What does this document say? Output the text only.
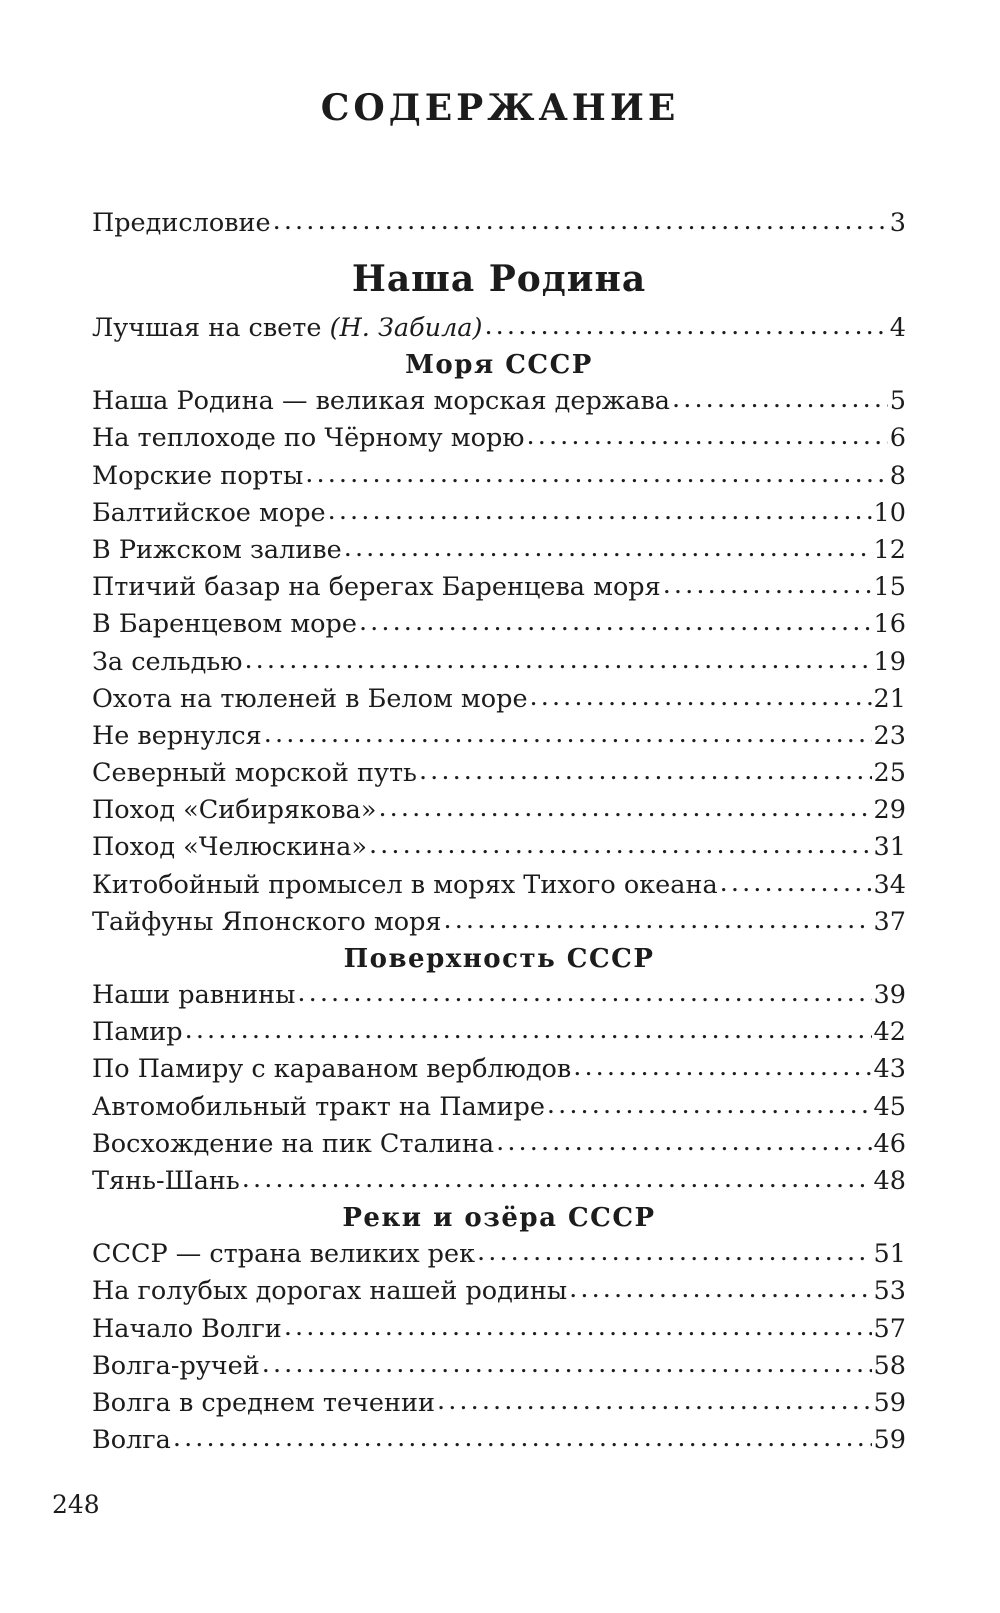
СОДЕРЖАНИЕ
Предисловие . . .	3
Наша Родина
Лучшая на свете (Н. Забила) . . .	4
Моря СССР
Наша Родина — великая морская держава . . .	5
На теплоходе по Чёрному морю . . .	6
Морские порты . . .	8
Балтийское море . . .	10
В Рижском заливе . . .	12
Птичий базар на берегах Баренцева моря . . .	15
В Баренцевом море . . .	16
За сельдью . . .	19
Охота на тюленей в Белом море . . .	21
Не вернулся . . .	23
Северный морской путь . . .	25
Поход «Сибирякова» . . .	29
Поход «Челюскина» . . .	31
Китобойный промысел в морях Тихого океана . . .	34
Тайфуны Японского моря . . .	37
Поверхность СССР
Наши равнины . . .	39
Памир . . .	42
По Памиру с караваном верблюдов . . .	43
Автомобильный тракт на Памире . . .	45
Восхождение на пик Сталина . . .	46
Тянь-Шань . . .	48
Реки и озёра СССР
СССР — страна великих рек . . .	51
На голубых дорогах нашей родины . . .	53
Начало Волги . . .	57
Волга-ручей . . .	58
Волга в среднем течении . . .	59
Волга . . .	59
248
